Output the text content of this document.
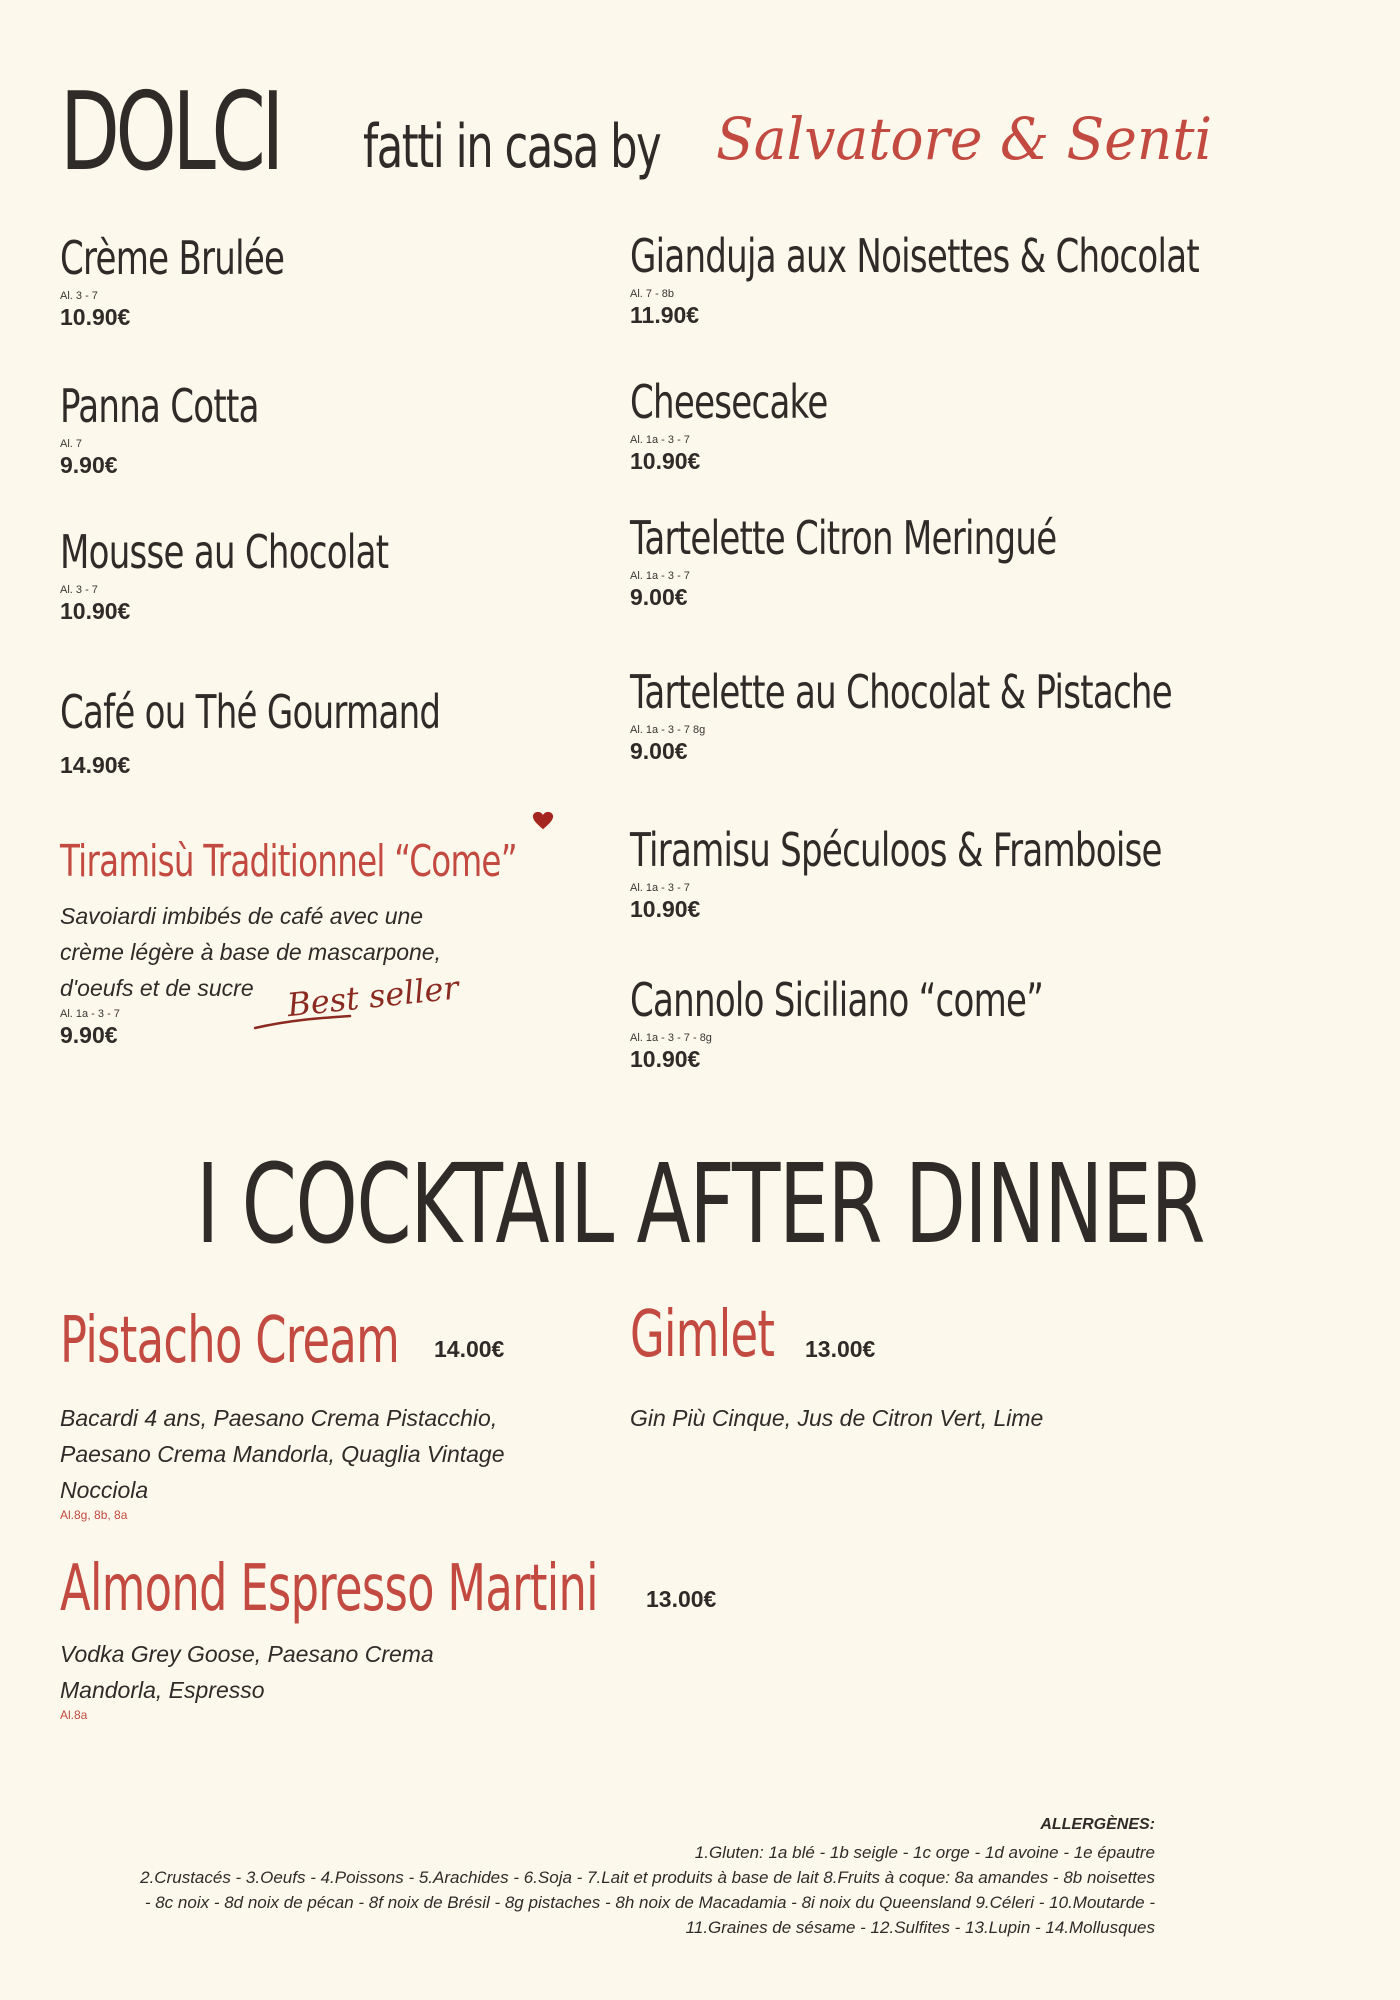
DOLCI fatti in casa by Salvatore & Senti
Crème Brulée
Al. 3 - 7
10.90€
Panna Cotta
Al. 7
9.90€
Mousse au Chocolat
Al. 3 - 7
10.90€
Café ou Thé Gourmand
14.90€
Tiramisù Traditionnel “Come”
Savoiardi imbibés de café avec une
crème légère à base de mascarpone,
d'oeufs et de sucre
Al. 1a - 3 - 7
9.90€
Best seller
Gianduja aux Noisettes & Chocolat
Al. 7 - 8b
11.90€
Cheesecake
Al. 1a - 3 - 7
10.90€
Tartelette Citron Meringué
Al. 1a - 3 - 7
9.00€
Tartelette au Chocolat & Pistache
Al. 1a - 3 - 7 8g
9.00€
Tiramisu Spéculoos & Framboise
Al. 1a - 3 - 7
10.90€
Cannolo Siciliano “come”
Al. 1a - 3 - 7 - 8g
10.90€
I COCKTAIL AFTER DINNER
Pistacho Cream 14.00€
Bacardi 4 ans, Paesano Crema Pistacchio,
Paesano Crema Mandorla, Quaglia Vintage
Nocciola
Al.8g, 8b, 8a
Gimlet 13.00€
Gin Più Cinque, Jus de Citron Vert, Lime
Almond Espresso Martini 13.00€
Vodka Grey Goose, Paesano Crema
Mandorla, Espresso
Al.8a
ALLERGÈNES:
1.Gluten: 1a blé - 1b seigle - 1c orge - 1d avoine - 1e épautre
2.Crustacés - 3.Oeufs - 4.Poissons - 5.Arachides - 6.Soja - 7.Lait et produits à base de lait 8.Fruits à coque: 8a amandes - 8b noisettes
- 8c noix - 8d noix de pécan - 8f noix de Brésil - 8g pistaches - 8h noix de Macadamia - 8i noix du Queensland 9.Céleri - 10.Moutarde -
11.Graines de sésame - 12.Sulfites - 13.Lupin - 14.Mollusques
